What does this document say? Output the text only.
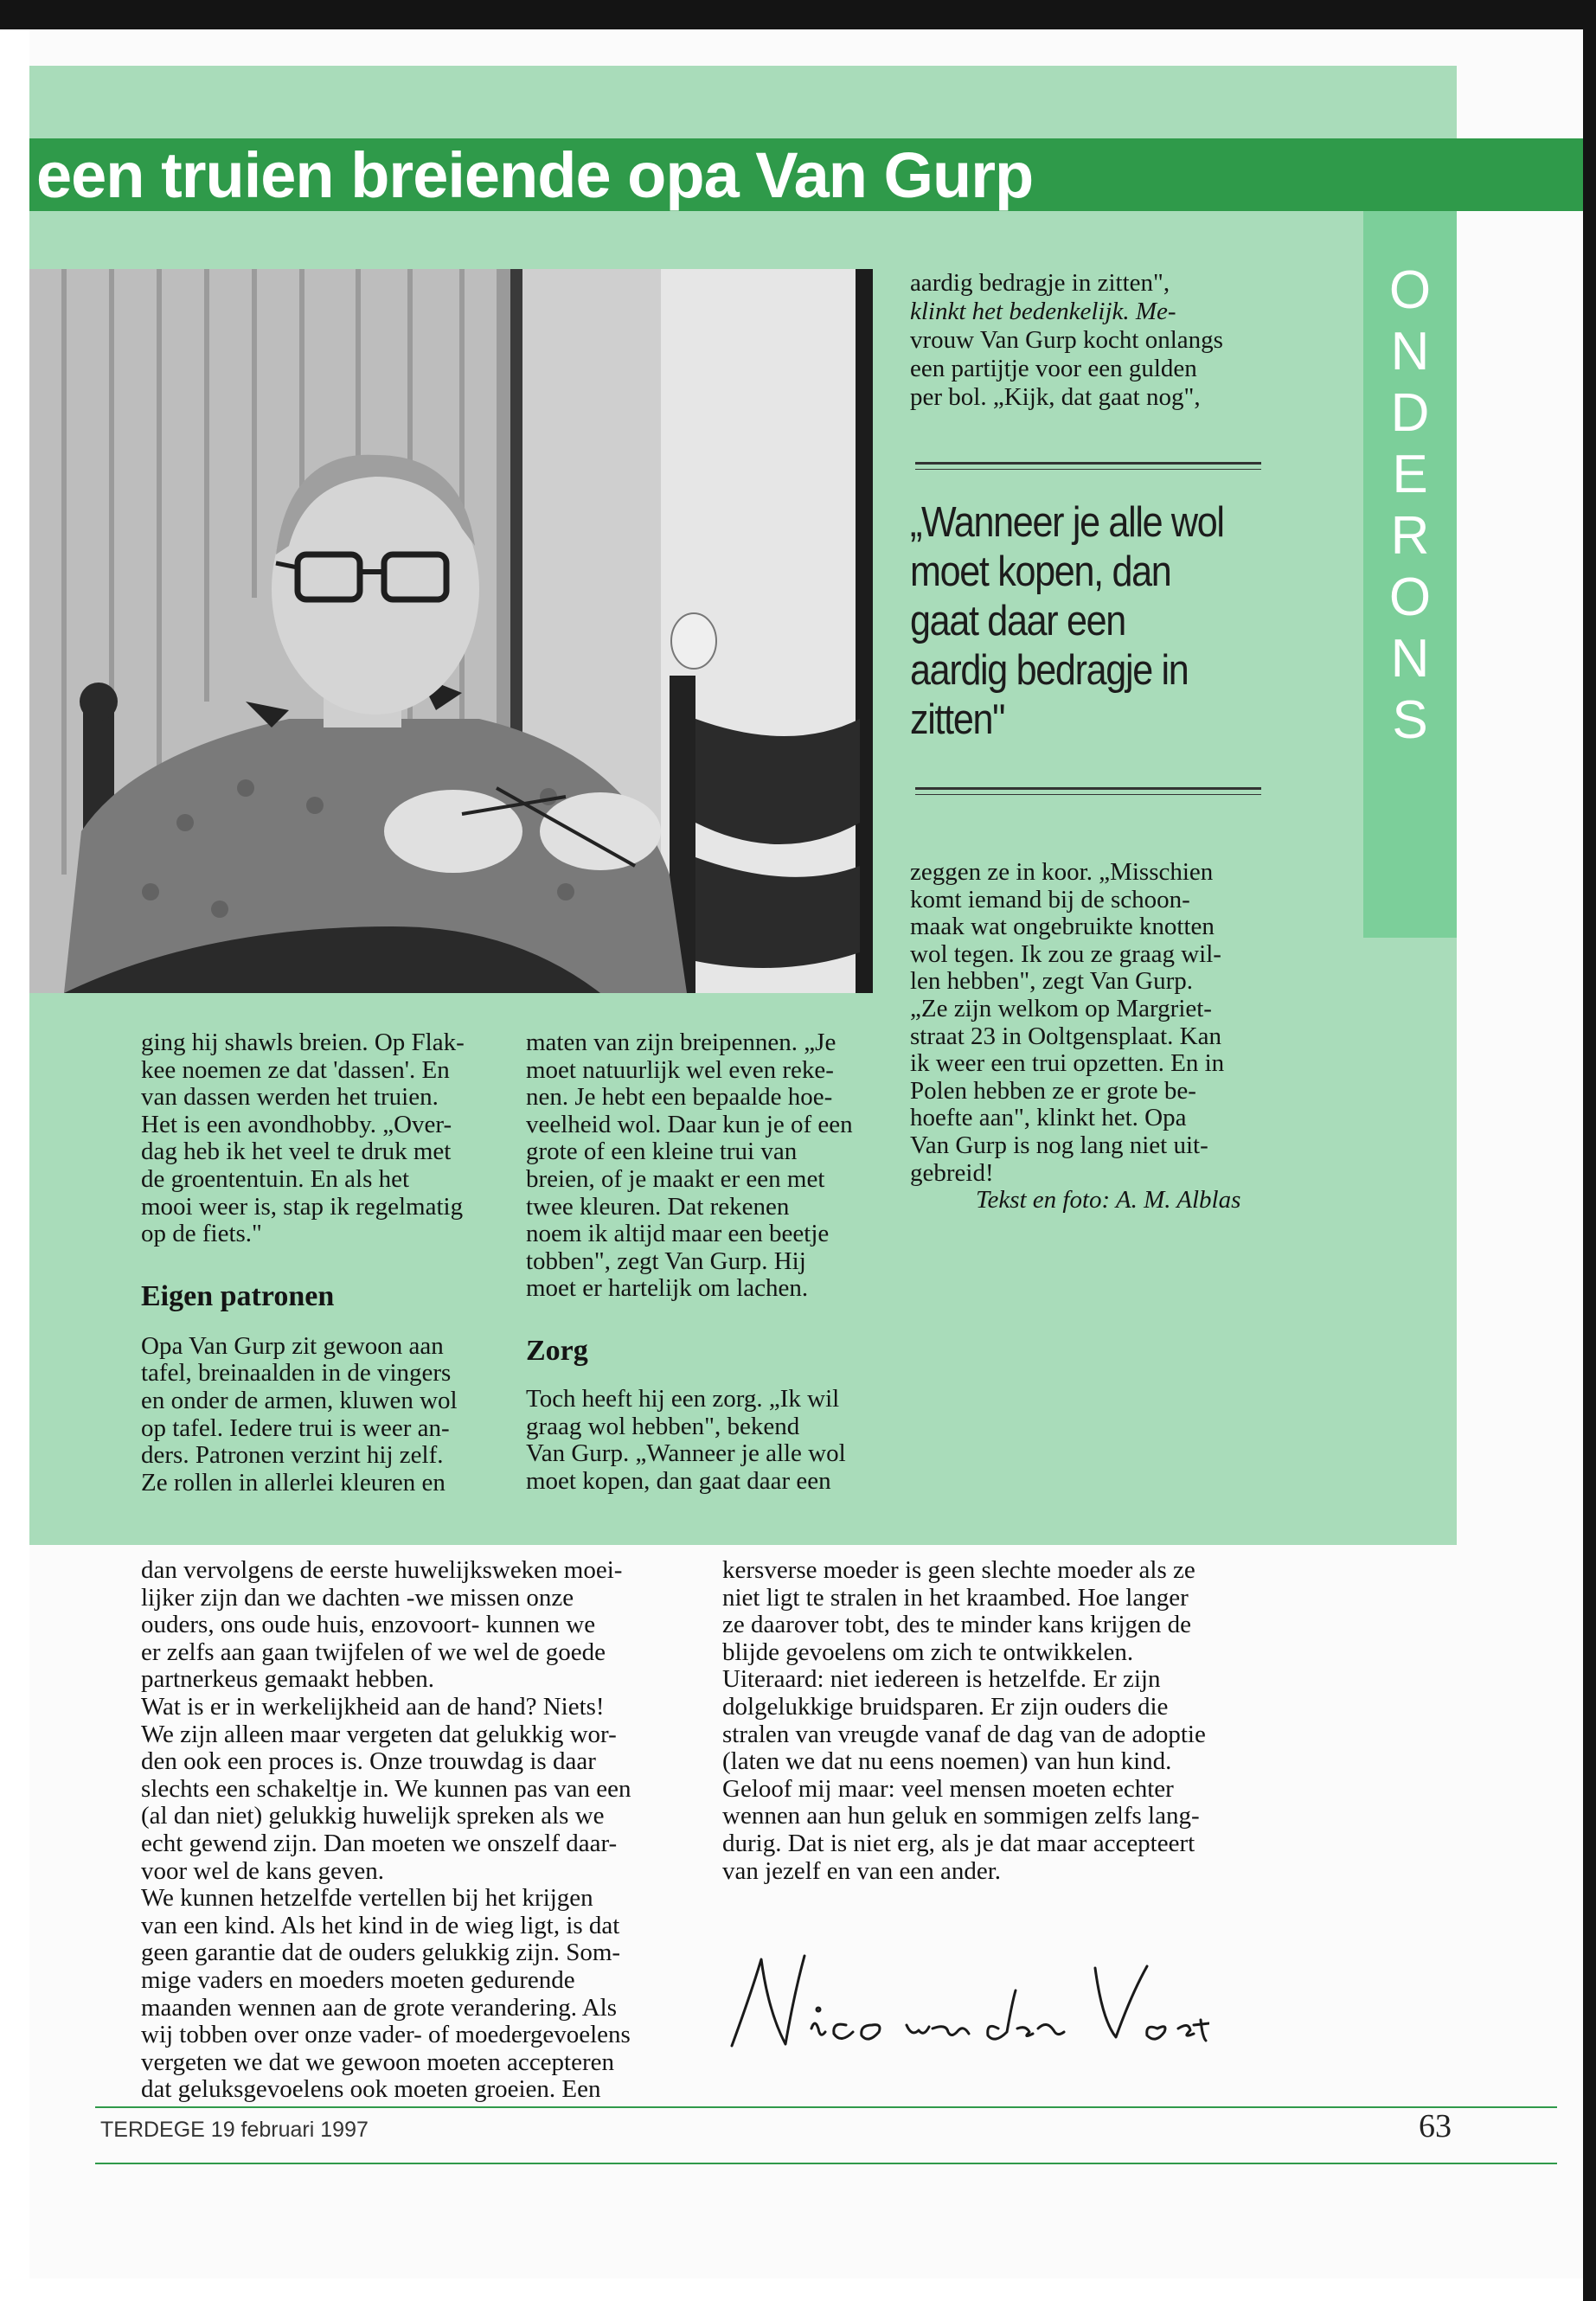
O
N
D
E
R
O
N
S
een truien breiende opa Van Gurp

aardig bedragje in zitten",

klinkt het bedenkelijk. Me-

vrouw Van Gurp kocht onlangs

een partijtje voor een gulden

per bol. „Kijk, dat gaat nog",

„Wanneer je alle wol moet kopen, dan gaat daar een aardig bedragje in zitten"

zeggen ze in koor. „Misschien

komt iemand bij de schoon-

maak wat ongebruikte knotten

wol tegen. Ik zou ze graag wil-

len hebben", zegt Van Gurp.

„Ze zijn welkom op Margriet-

straat 23 in Ooltgensplaat. Kan

ik weer een trui opzetten. En in

Polen hebben ze er grote be-

hoefte aan", klinkt het. Opa

Van Gurp is nog lang niet uit-

gebreid!

Tekst en foto: A. M. Alblas

ging hij shawls breien. Op Flak-

kee noemen ze dat 'dassen'. En

van dassen werden het truien.

Het is een avondhobby. „Over-

dag heb ik het veel te druk met

de groententuin. En als het

mooi weer is, stap ik regelmatig

op de fiets."

Eigen patronen

Opa Van Gurp zit gewoon aan

tafel, breinaalden in de vingers

en onder de armen, kluwen wol

op tafel. Iedere trui is weer an-

ders. Patronen verzint hij zelf.

Ze rollen in allerlei kleuren en

maten van zijn breipennen. „Je

moet natuurlijk wel even reke-

nen. Je hebt een bepaalde hoe-

veelheid wol. Daar kun je of een

grote of een kleine trui van

breien, of je maakt er een met

twee kleuren. Dat rekenen

noem ik altijd maar een beetje

tobben", zegt Van Gurp. Hij

moet er hartelijk om lachen.

Zorg

Toch heeft hij een zorg. „Ik wil

graag wol hebben", bekend

Van Gurp. „Wanneer je alle wol

moet kopen, dan gaat daar een

dan vervolgens de eerste huwelijksweken moei-

lijker zijn dan we dachten -we missen onze

ouders, ons oude huis, enzovoort- kunnen we

er zelfs aan gaan twijfelen of we wel de goede

partnerkeus gemaakt hebben.

Wat is er in werkelijkheid aan de hand? Niets!

We zijn alleen maar vergeten dat gelukkig wor-

den ook een proces is. Onze trouwdag is daar

slechts een schakeltje in. We kunnen pas van een

(al dan niet) gelukkig huwelijk spreken als we

echt gewend zijn. Dan moeten we onszelf daar-

voor wel de kans geven.

We kunnen hetzelfde vertellen bij het krijgen

van een kind. Als het kind in de wieg ligt, is dat

geen garantie dat de ouders gelukkig zijn. Som-

mige vaders en moeders moeten gedurende

maanden wennen aan de grote verandering. Als

wij tobben over onze vader- of moedergevoelens

vergeten we dat we gewoon moeten accepteren

dat geluksgevoelens ook moeten groeien. Een

kersverse moeder is geen slechte moeder als ze

niet ligt te stralen in het kraambed. Hoe langer

ze daarover tobt, des te minder kans krijgen de

blijde gevoelens om zich te ontwikkelen.

Uiteraard: niet iedereen is hetzelfde. Er zijn

dolgelukkige bruidsparen. Er zijn ouders die

stralen van vreugde vanaf de dag van de adoptie

(laten we dat nu eens noemen) van hun kind.

Geloof mij maar: veel mensen moeten echter

wennen aan hun geluk en sommigen zelfs lang-

durig. Dat is niet erg, als je dat maar accepteert

van jezelf en van een ander.

TERDEGE 19 februari 1997	63
